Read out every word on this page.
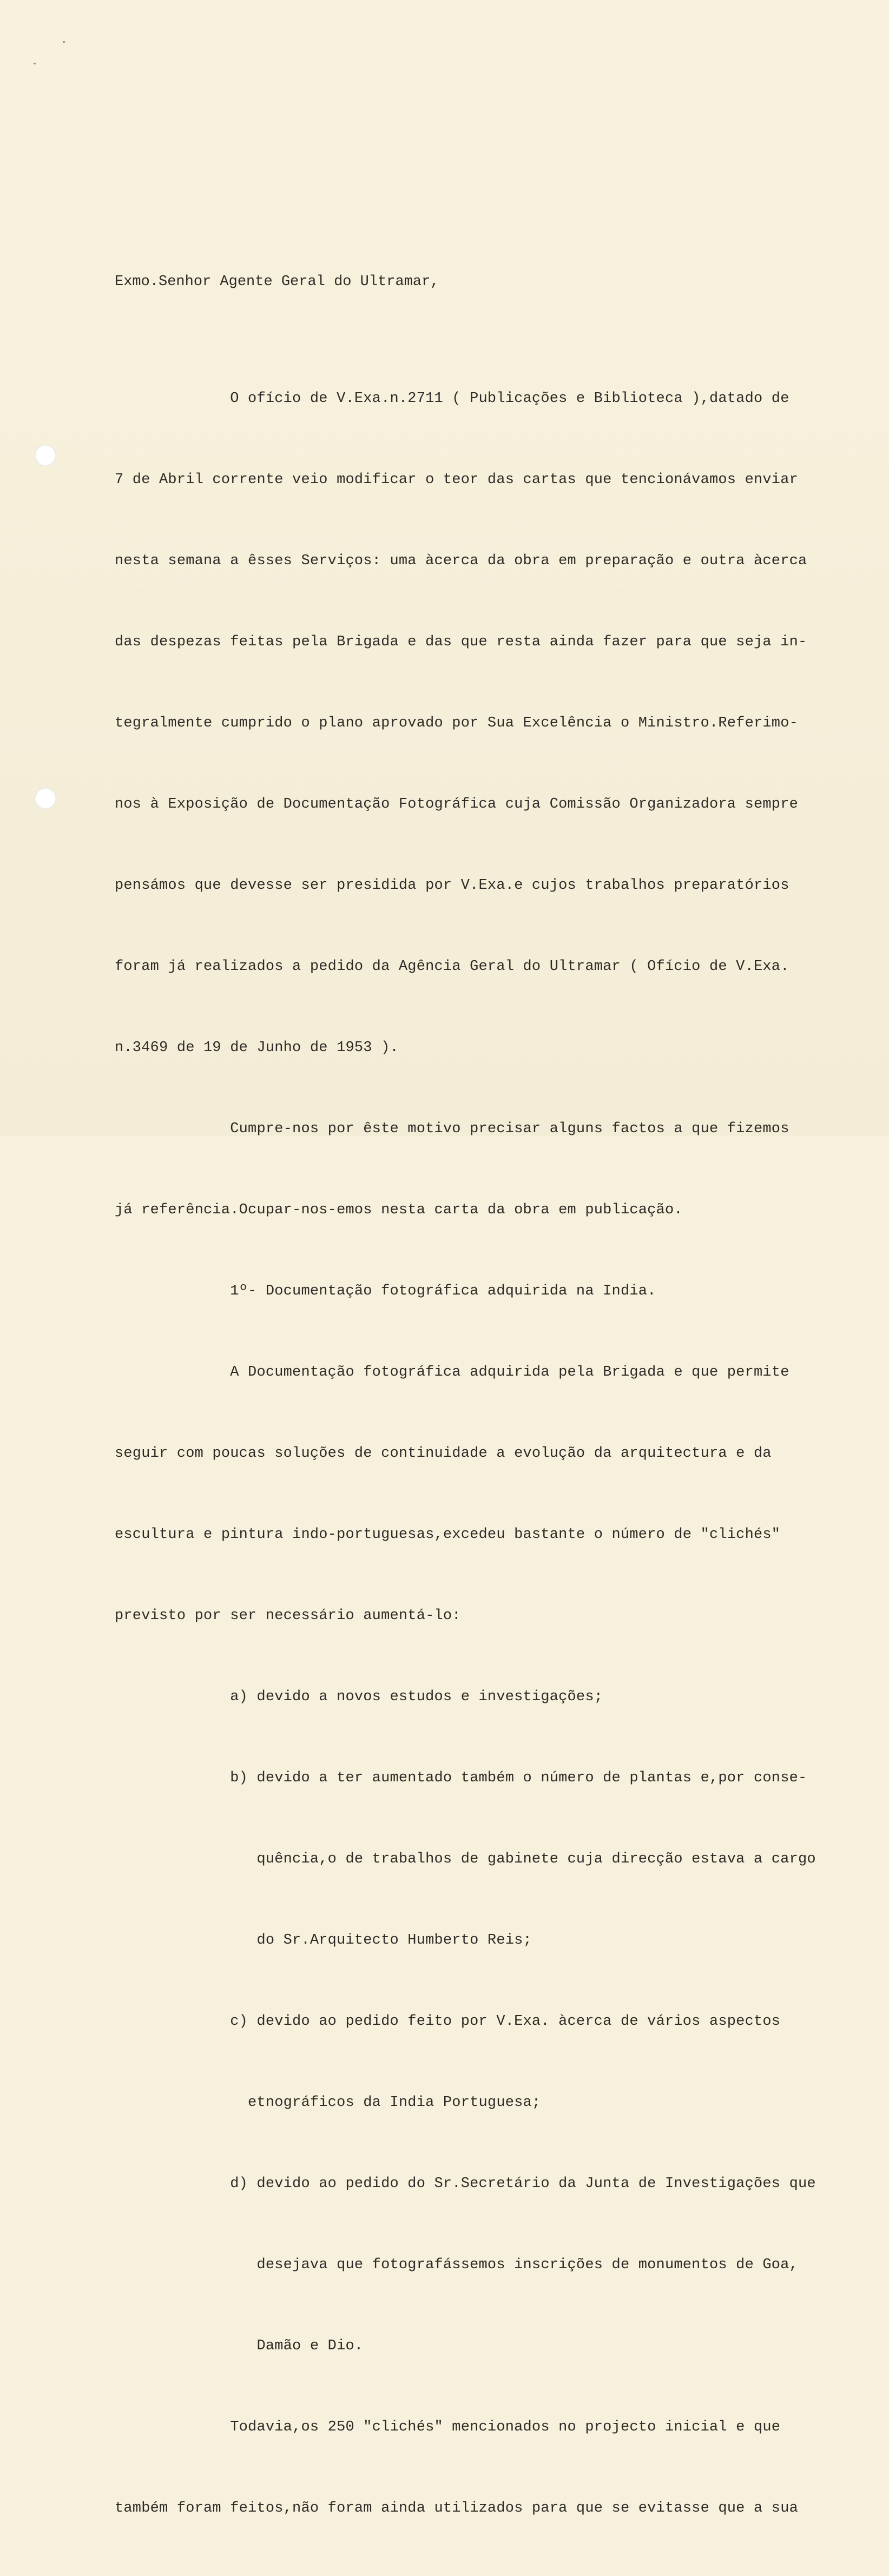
Exmo.Senhor Agente Geral do Ultramar,

O ofício de V.Exa.n.2711 ( Publicações e Biblioteca ),datado de

7 de Abril corrente veio modificar o teor das cartas que tencionávamos enviar

nesta semana a êsses Serviços: uma àcerca da obra em preparação e outra àcerca

das despezas feitas pela Brigada e das que resta ainda fazer para que seja in-

tegralmente cumprido o plano aprovado por Sua Excelência o Ministro.Referimo-

nos à Exposição de Documentação Fotográfica cuja Comissão Organizadora sempre

pensámos que devesse ser presidida por V.Exa.e cujos trabalhos preparatórios

foram já realizados a pedido da Agência Geral do Ultramar ( Ofício de V.Exa.

n.3469 de 19 de Junho de 1953 ).

Cumpre-nos por êste motivo precisar alguns factos a que fizemos

já referência.Ocupar-nos-emos nesta carta da obra em publicação.

1º- Documentação fotográfica adquirida na India.

A Documentação fotográfica adquirida pela Brigada e que permite

seguir com poucas soluções de continuidade a evolução da arquitectura e da

escultura e pintura indo-portuguesas,excedeu bastante o número de "clichés"

previsto por ser necessário aumentá-lo:

a) devido a novos estudos e investigações;

b) devido a ter aumentado também o número de plantas e,por conse-

quência,o de trabalhos de gabinete cuja direcção estava a cargo

do Sr.Arquitecto Humberto Reis;

c) devido ao pedido feito por V.Exa. àcerca de vários aspectos

etnográficos da India Portuguesa;

d) devido ao pedido do Sr.Secretário da Junta de Investigações que

desejava que fotografássemos inscrições de monumentos de Goa,

Damão e Dio.

Todavia,os 250 "clichés" mencionados no projecto inicial e que

também foram feitos,não foram ainda utilizados para que se evitasse que a sua
